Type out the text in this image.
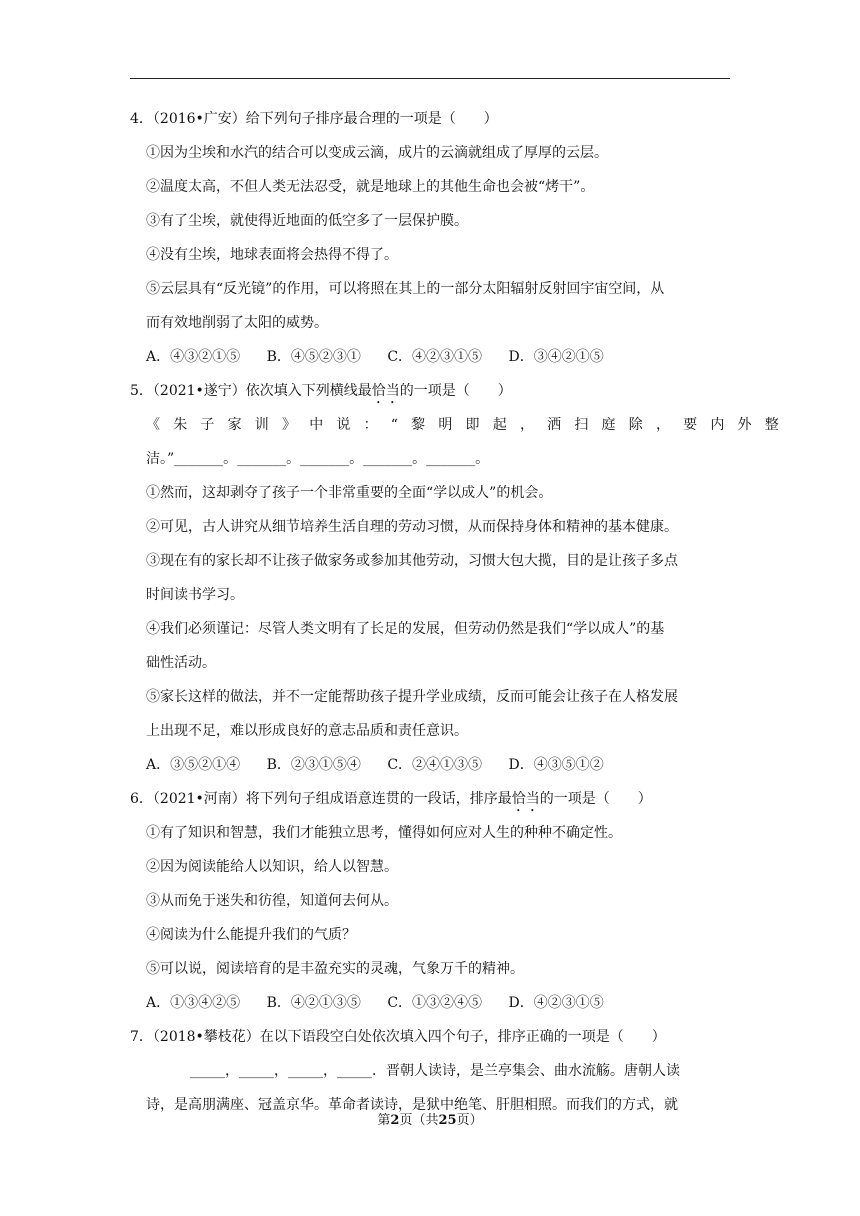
4．（2016•广安）给下列句子排序最合理的一项是（　　）
①因为尘埃和水汽的结合可以变成云滴，成片的云滴就组成了厚厚的云层。
②温度太高，不但人类无法忍受，就是地球上的其他生命也会被“烤干”。
③有了尘埃，就使得近地面的低空多了一层保护膜。
④没有尘埃，地球表面将会热得不得了。
⑤云层具有“反光镜”的作用，可以将照在其上的一部分太阳辐射反射回宇宙空间，从
而有效地削弱了太阳的威势。
A．④③②①⑤ B．④⑤②③① C．④②③①⑤ D．③④②①⑤
5．（2021•遂宁）依次填入下列横线最恰当的一项是（　　）
《朱子家训》中说：“黎明即起，洒扫庭除，要内外整
洁。”_______。_______。_______。_______。_______。
①然而，这却剥夺了孩子一个非常重要的全面“学以成人”的机会。
②可见，古人讲究从细节培养生活自理的劳动习惯，从而保持身体和精神的基本健康。
③现在有的家长却不让孩子做家务或参加其他劳动，习惯大包大揽，目的是让孩子多点
时间读书学习。
④我们必须谨记：尽管人类文明有了长足的发展，但劳动仍然是我们“学以成人”的基
础性活动。
⑤家长这样的做法，并不一定能帮助孩子提升学业成绩，反而可能会让孩子在人格发展
上出现不足，难以形成良好的意志品质和责任意识。
A．③⑤②①④ B．②③①⑤④ C．②④①③⑤ D．④③⑤①②
6．（2021•河南）将下列句子组成语意连贯的一段话，排序最恰当的一项是（　　）
①有了知识和智慧，我们才能独立思考，懂得如何应对人生的种种不确定性。
②因为阅读能给人以知识，给人以智慧。
③从而免于迷失和彷徨，知道何去何从。
④阅读为什么能提升我们的气质？
⑤可以说，阅读培育的是丰盈充实的灵魂，气象万千的精神。
A．①③④②⑤ B．④②①③⑤ C．①③②④⑤ D．④②③①⑤
7．（2018•攀枝花）在以下语段空白处依次填入四个句子，排序正确的一项是（　　）
_____，_____，_____，_____．晋朝人读诗，是兰亭集会、曲水流觞。唐朝人读
诗，是高朋满座、冠盖京华。革命者读诗，是狱中绝笔、肝胆相照。而我们的方式，就
第2页（共25页）
